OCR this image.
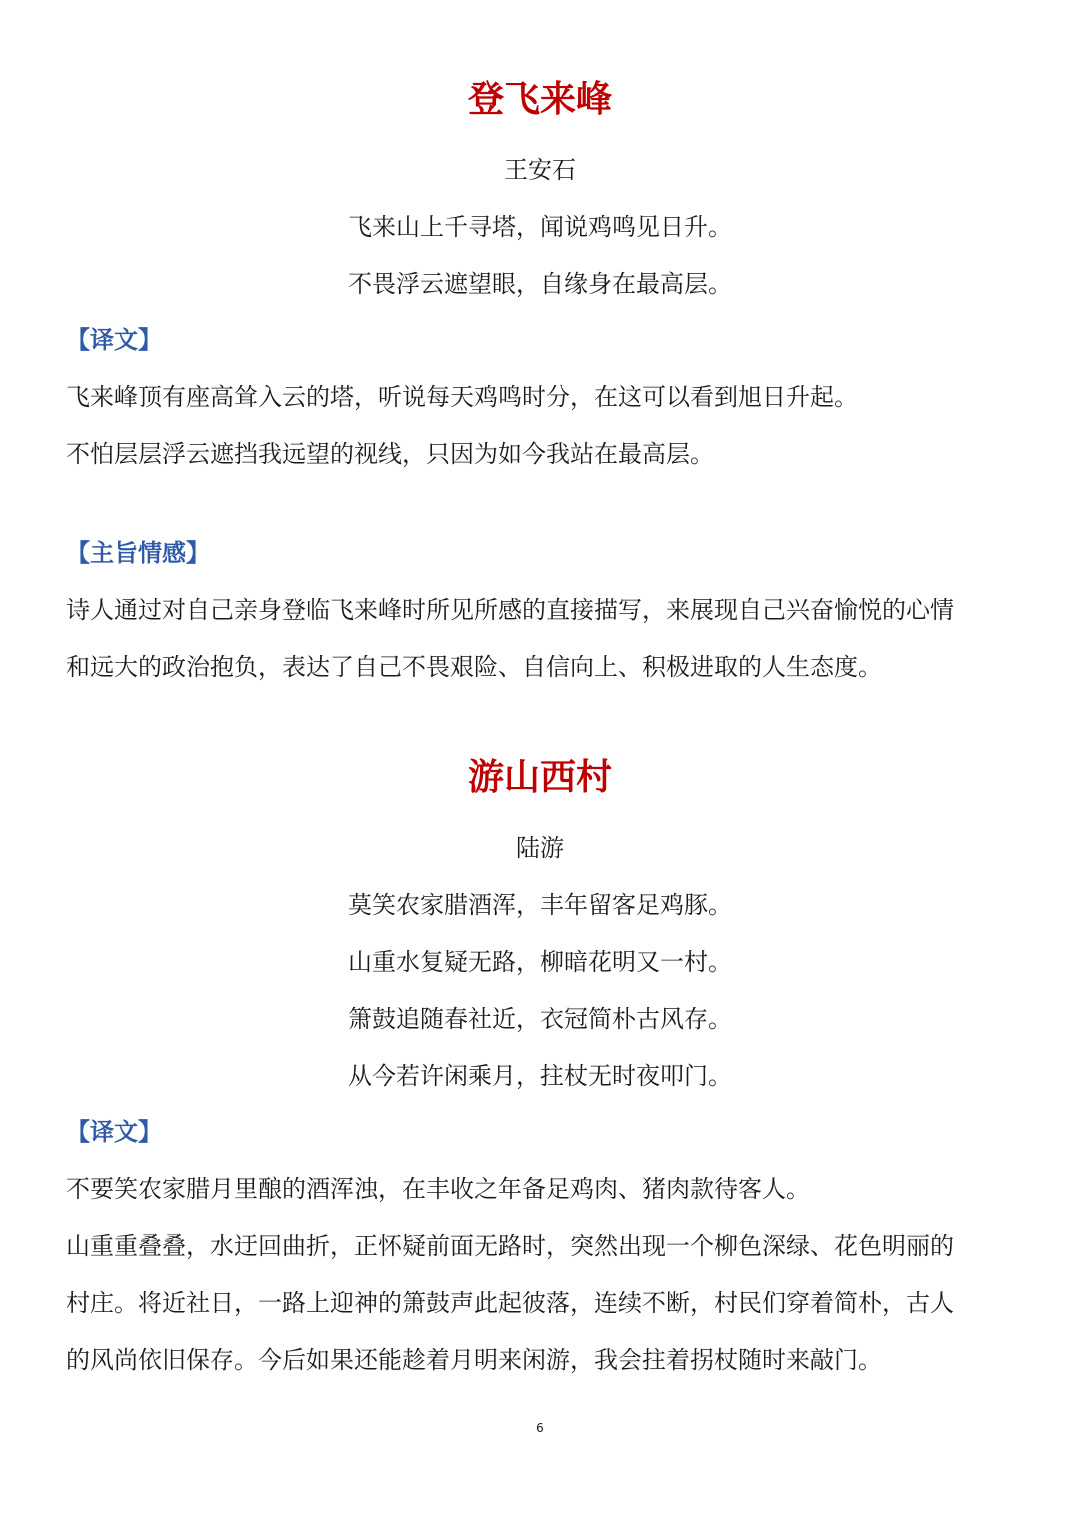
登飞来峰
王安石
飞来山上千寻塔，闻说鸡鸣见日升。
不畏浮云遮望眼，自缘身在最高层。
【译文】
飞来峰顶有座高耸入云的塔，听说每天鸡鸣时分，在这可以看到旭日升起。
不怕层层浮云遮挡我远望的视线，只因为如今我站在最高层。
【主旨情感】
诗人通过对自己亲身登临飞来峰时所见所感的直接描写，来展现自己兴奋愉悦的心情
和远大的政治抱负，表达了自己不畏艰险、自信向上、积极进取的人生态度。
游山西村
陆游
莫笑农家腊酒浑，丰年留客足鸡豚。
山重水复疑无路，柳暗花明又一村。
箫鼓追随春社近，衣冠简朴古风存。
从今若许闲乘月，拄杖无时夜叩门。
【译文】
不要笑农家腊月里酿的酒浑浊，在丰收之年备足鸡肉、猪肉款待客人。
山重重叠叠，水迂回曲折，正怀疑前面无路时，突然出现一个柳色深绿、花色明丽的
村庄。将近社日，一路上迎神的箫鼓声此起彼落，连续不断，村民们穿着简朴，古人
的风尚依旧保存。今后如果还能趁着月明来闲游，我会拄着拐杖随时来敲门。
6
